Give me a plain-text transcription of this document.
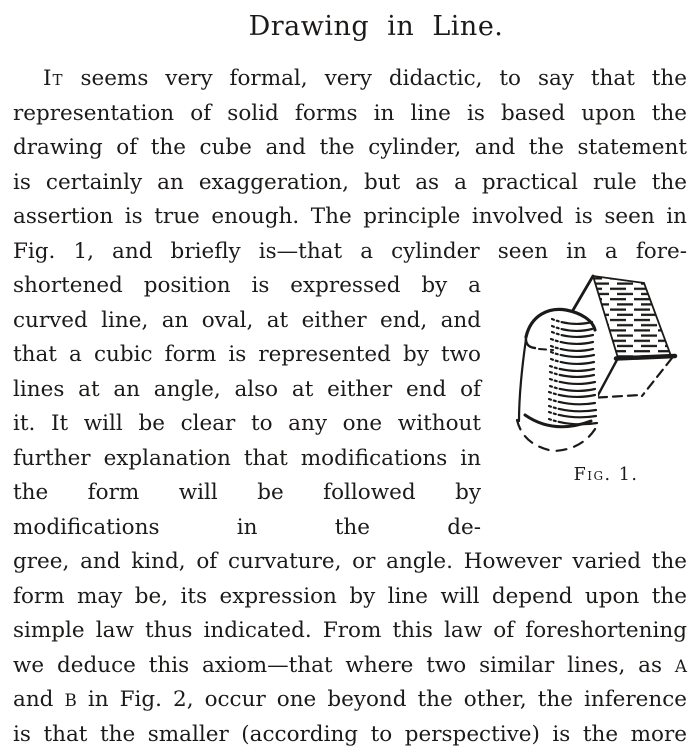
Drawing in Line.

It seems very formal, very didactic, to say that the representation of solid forms in line is based upon the drawing of the cube and the cylinder, and the statement is certainly an exaggeration, but as a practical rule the assertion is true enough. The principle involved is seen in Fig. 1, and briefly is—that a cylinder seen in a fore-

shortened position is expressed by a curved line, an oval, at either end, and that a cubic form is represented by two lines at an angle, also at either end of it. It will be clear to any one without further explanation that modifications in the form will be followed by modifications in the de-

Fig. 1.

gree, and kind, of curvature, or angle. However varied the form may be, its expression by line will depend upon the simple law thus indicated. From this law of foreshortening we deduce this axiom—that where two similar lines, as A and B in Fig. 2, occur one beyond the other, the inference is that the smaller (according to perspective) is the more
